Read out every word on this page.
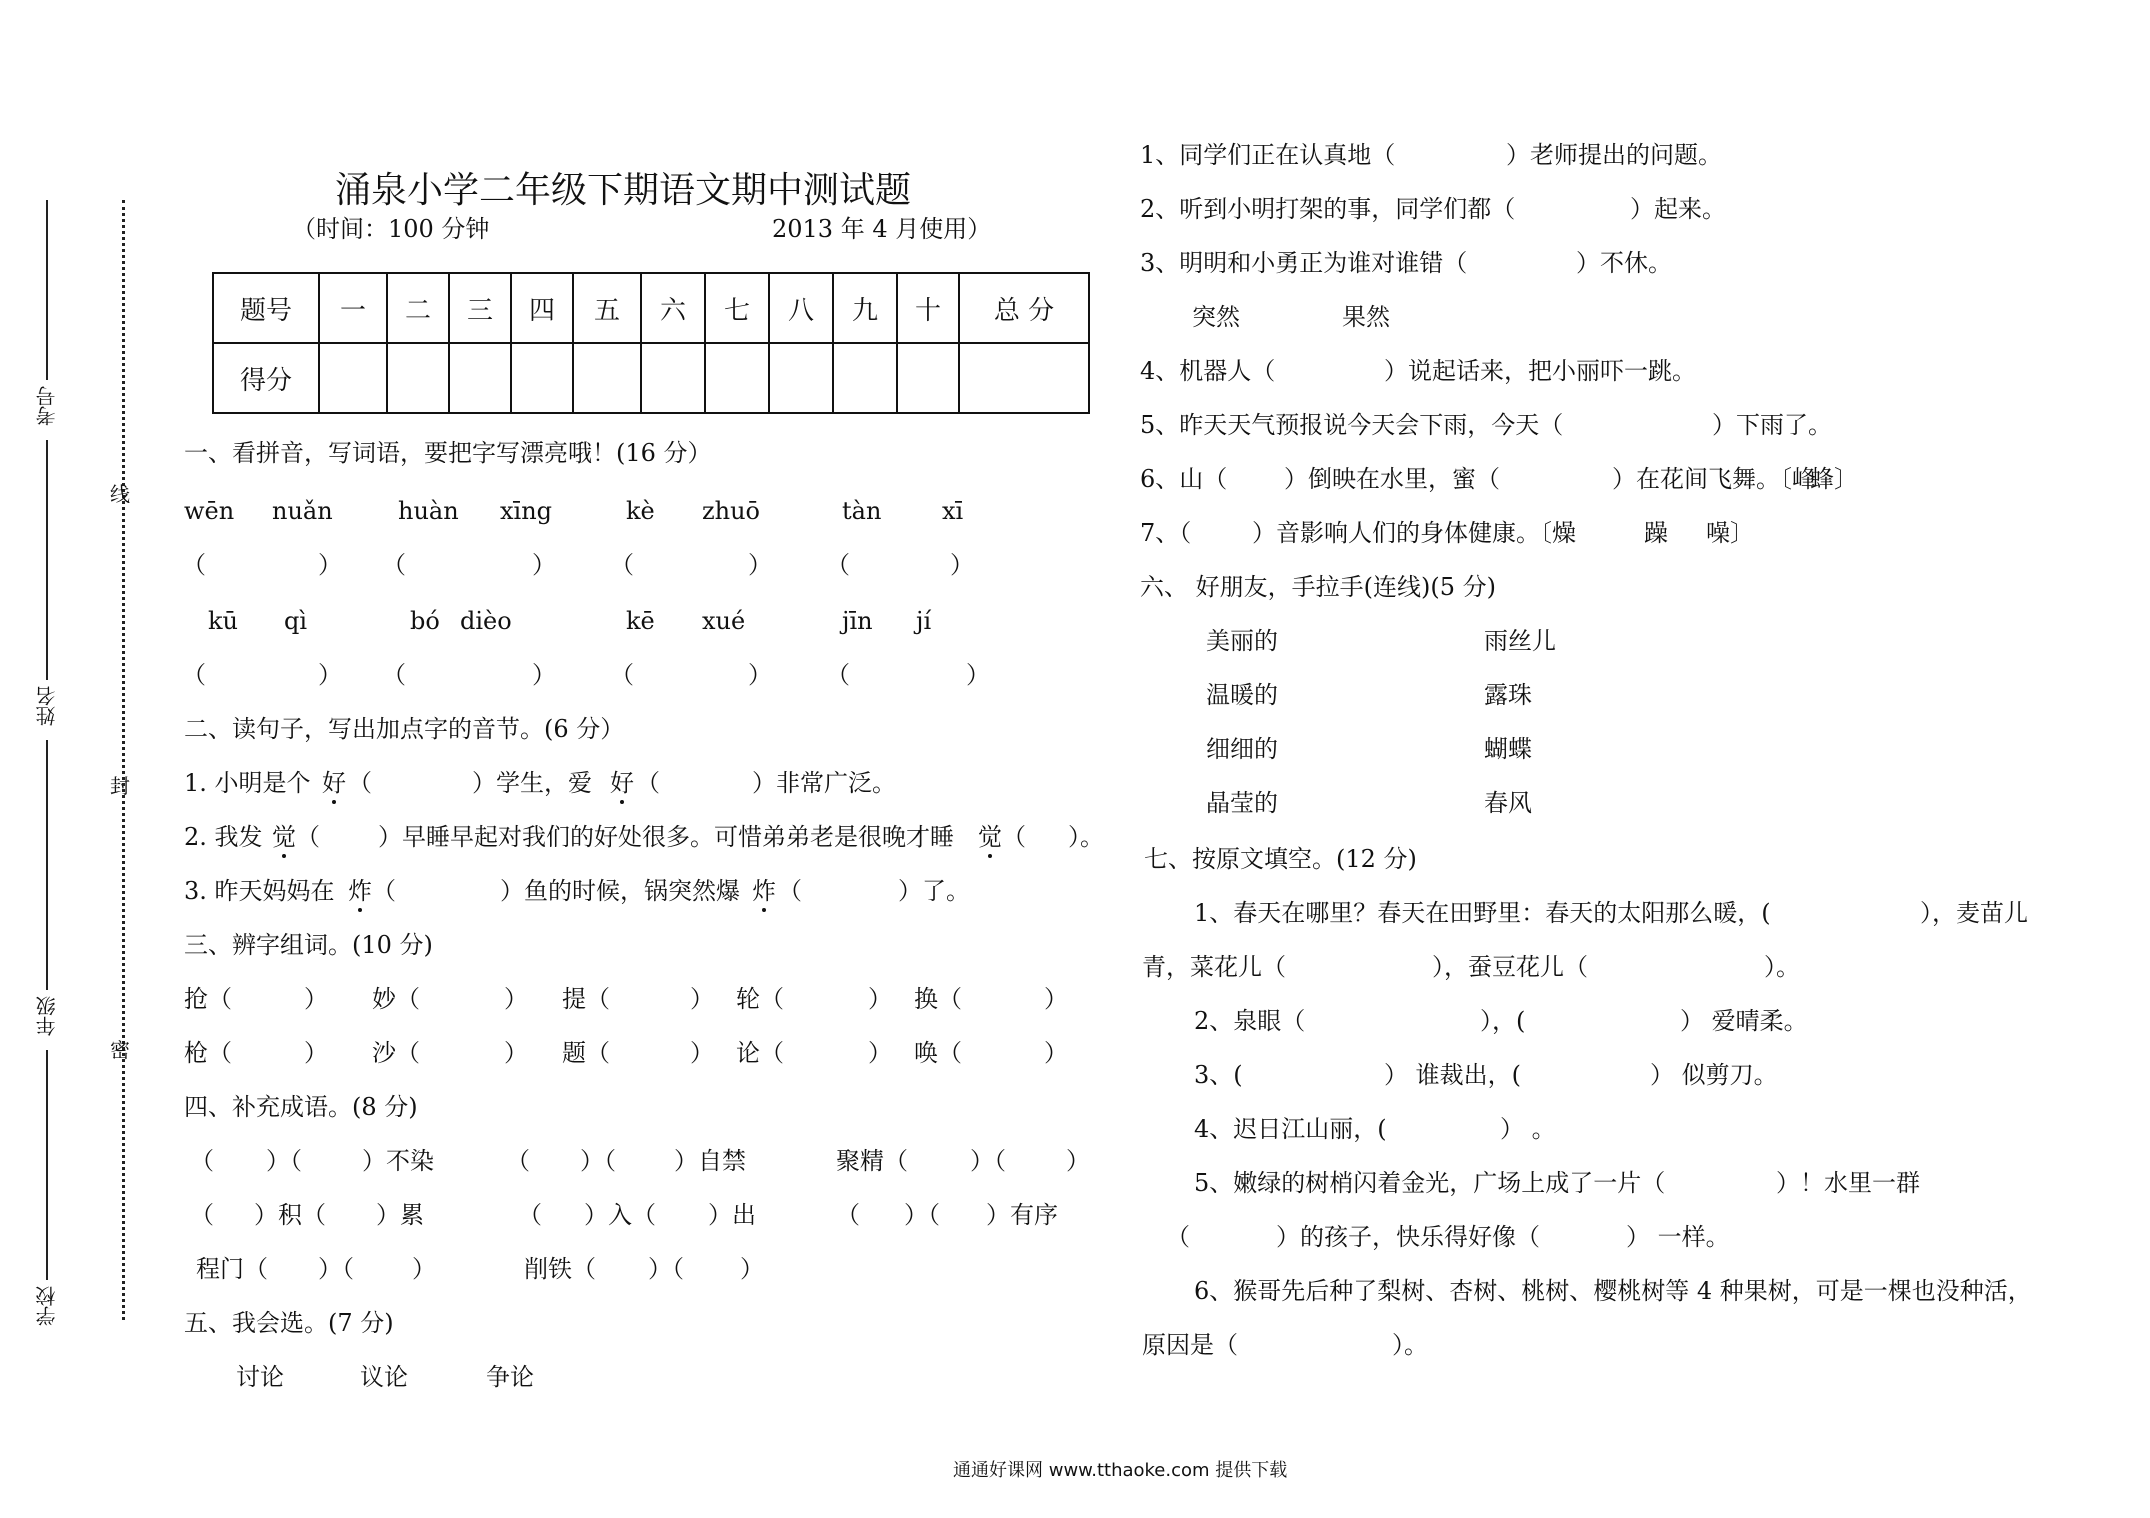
考号
姓名
年级
学校
线
封
密
涌泉小学二年级下期语文期中测试题
（时间：100 分钟	2013 年 4 月使用）
题号	一	二	三	四	五	六	七	八	九	十	总 分
得分											
一、看拼音，写词语，要把字写漂亮哦！(16 分）
wēn nuǎn	huàn xīng	kè zhuō	tàn	xī
（	） （	） （	） （	）
kū qì	bó dièo	kē xué	jīn jí
（	） （	） （	） （	）
二、读句子，写出加点字的音节。(6 分）
1. 小明是个 好 （	）学生，爱 好 （	）非常广泛。
2. 我发 觉 （ ）早睡早起对我们的好处很多。可惜弟弟老是很晚才睡 觉 （ ）。
3. 昨天妈妈在 炸 （	）鱼的时候，锅突然爆 炸 （	）了。
三、辨字组词。(10 分)
抢（	） 妙（	） 提（	） 轮（	） 换（	）
枪（	） 沙（	） 题（	） 论（	） 唤（	）
四、补充成语。(8 分)
（ ）（	）不染	（ ）（ ）自禁	聚精（	）（	）
（ ）积（ ）累	（ ）入（ ）出	（ ）（ ）有序
程门（ ）（ ）	削铁（ ）（ ）
五、我会选。(7 分)
讨论	议论	争论
1、同学们正在认真地（	）老师提出的问题。
2、听到小明打架的事，同学们都（	）起来。
3、明明和小勇正为谁对谁错（	）不休。
突然	果然
4、机器人（	）说起话来，把小丽吓一跳。
5、昨天天气预报说今天会下雨，今天（	）下雨了。
6、山（ ）倒映在水里，蜜（	）在花间飞舞。〔峰
蜂〕
7、（	）音影响人们的身体健康。〔燥	躁 噪〕
六、 好朋友，手拉手(连线)(5 分)
美丽的
温暖的
细细的
晶莹的
雨丝儿
露珠
蝴蝶
春风
七、按原文填空。(12 分)
1、春天在哪里？春天在田野里：春天的太阳那么暖，(	），麦苗儿
青，菜花儿（	），蚕豆花儿（	）。
2、泉眼（	），(	） 爱晴柔。
3、(	） 谁裁出，(	） 似剪刀。
4、迟日江山丽，(	） 。
5、嫩绿的树梢闪着金光，广场上成了一片（	）！水里一群
（	）的孩子，快乐得好像（	） 一样。
6、猴哥先后种了梨树、杏树、桃树、樱桃树等 4 种果树，可是一棵也没种活，
原因是（	）。
通通好课网 www.tthaoke.com 提供下载
